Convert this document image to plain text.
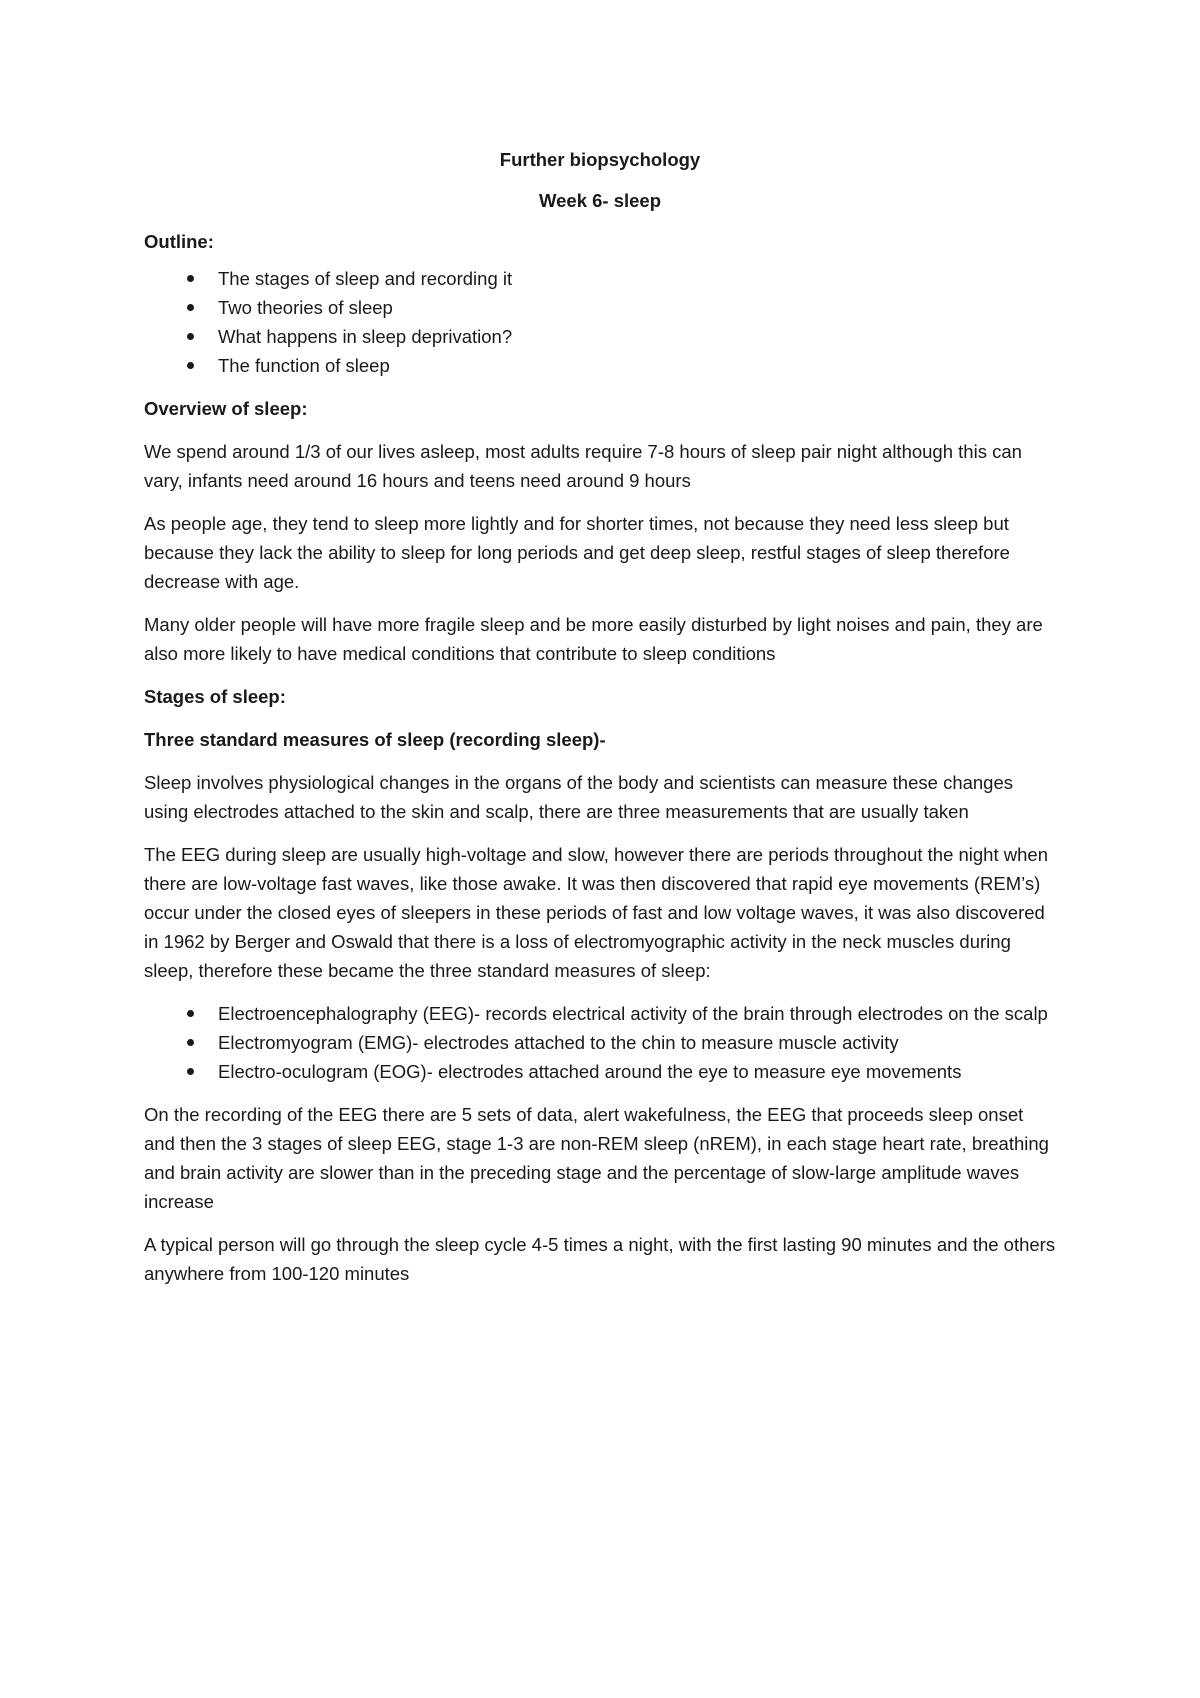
Further biopsychology

Week 6- sleep

Outline:
The stages of sleep and recording it
Two theories of sleep
What happens in sleep deprivation?
The function of sleep
Overview of sleep:

We spend around 1/3 of our lives asleep, most adults require 7-8 hours of sleep pair night although this can vary, infants need around 16 hours and teens need around 9 hours

As people age, they tend to sleep more lightly and for shorter times, not because they need less sleep but because they lack the ability to sleep for long periods and get deep sleep, restful stages of sleep therefore decrease with age.

Many older people will have more fragile sleep and be more easily disturbed by light noises and pain, they are also more likely to have medical conditions that contribute to sleep conditions

Stages of sleep:
Three standard measures of sleep (recording sleep)-

Sleep involves physiological changes in the organs of the body and scientists can measure these changes using electrodes attached to the skin and scalp, there are three measurements that are usually taken

The EEG during sleep are usually high-voltage and slow, however there are periods throughout the night when there are low-voltage fast waves, like those awake. It was then discovered that rapid eye movements (REM’s) occur under the closed eyes of sleepers in these periods of fast and low voltage waves, it was also discovered in 1962 by Berger and Oswald that there is a loss of electromyographic activity in the neck muscles during sleep, therefore these became the three standard measures of sleep:

Electroencephalography (EEG)- records electrical activity of the brain through electrodes on the scalp
Electromyogram (EMG)- electrodes attached to the chin to measure muscle activity
Electro-oculogram (EOG)- electrodes attached around the eye to measure eye movements

On the recording of the EEG there are 5 sets of data, alert wakefulness, the EEG that proceeds sleep onset and then the 3 stages of sleep EEG, stage 1-3 are non-REM sleep (nREM), in each stage heart rate, breathing and brain activity are slower than in the preceding stage and the percentage of slow-large amplitude waves increase

A typical person will go through the sleep cycle 4-5 times a night, with the first lasting 90 minutes and the others anywhere from 100-120 minutes
